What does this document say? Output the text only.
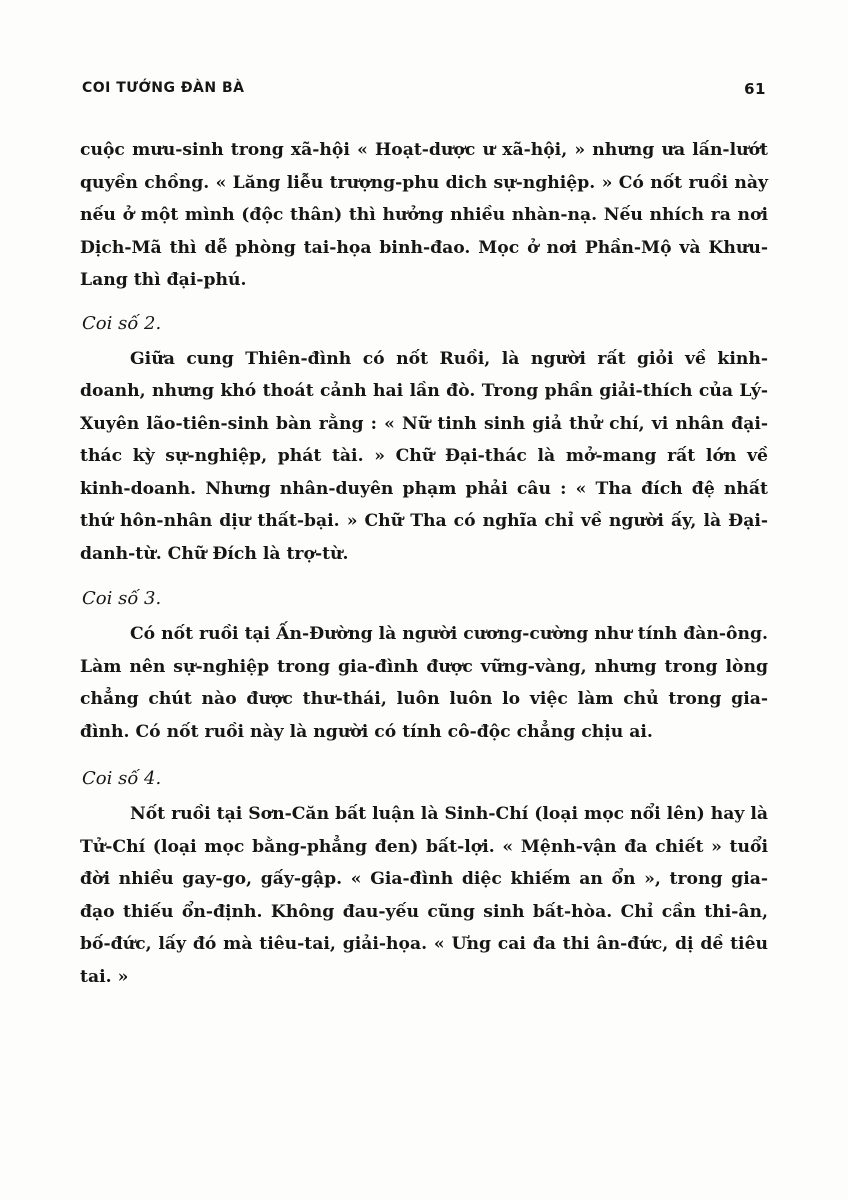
COI TƯỚNG ĐÀN BÀ	61

cuộc mưu-sinh trong xã-hội « Hoạt-dược ư xã-hội, » nhưng ưa lấn-lướt quyền chồng. « Lăng liễu trượng-phu dich sự-nghiệp. » Có nốt ruồi này nếu ở một mình (độc thân) thì hưởng nhiều nhàn-nạ. Nếu nhích ra nơi Dịch-Mã thì dễ phòng tai-họa binh-đao. Mọc ở nơi Phần-Mộ và Khưu-Lang thì đại-phú.

Coi số 2.

Giữa cung Thiên-đình có nốt Ruồi, là người rất giỏi về kinh-doanh, nhưng khó thoát cảnh hai lần đò. Trong phần giải-thích của Lý-Xuyên lão-tiên-sinh bàn rằng : « Nữ tinh sinh giả thử chí, vi nhân đại-thác kỳ sự-nghiệp, phát tài. » Chữ Đại-thác là mở-mang rất lớn về kinh-doanh. Nhưng nhân-duyên phạm phải câu : « Tha đích đệ nhất thứ hôn-nhân dịư thất-bại. » Chữ Tha có nghĩa chỉ về người ấy, là Đại-danh-từ. Chữ Đích là trợ-từ.

Coi số 3.

Có nốt ruồi tại Ấn-Đường là người cương-cường như tính đàn-ông. Làm nên sự-nghiệp trong gia-đình được vững-vàng, nhưng trong lòng chẳng chút nào được thư-thái, luôn luôn lo việc làm chủ trong gia-đình. Có nốt ruồi này là người có tính cô-độc chẳng chịu ai.

Coi số 4.

Nốt ruồi tại Sơn-Căn bất luận là Sinh-Chí (loại mọc nổi lên) hay là Tử-Chí (loại mọc bằng-phẳng đen) bất-lợi. « Mệnh-vận đa chiết » tuổi đời nhiều gay-go, gấy-gập. « Gia-đình diệc khiếm an ổn », trong gia-đạo thiếu ổn-định. Không đau-yếu cũng sinh bất-hòa. Chỉ cần thi-ân, bố-đức, lấy đó mà tiêu-tai, giải-họa. « Ưng cai đa thi ân-đức, dị dề tiêu tai. »
